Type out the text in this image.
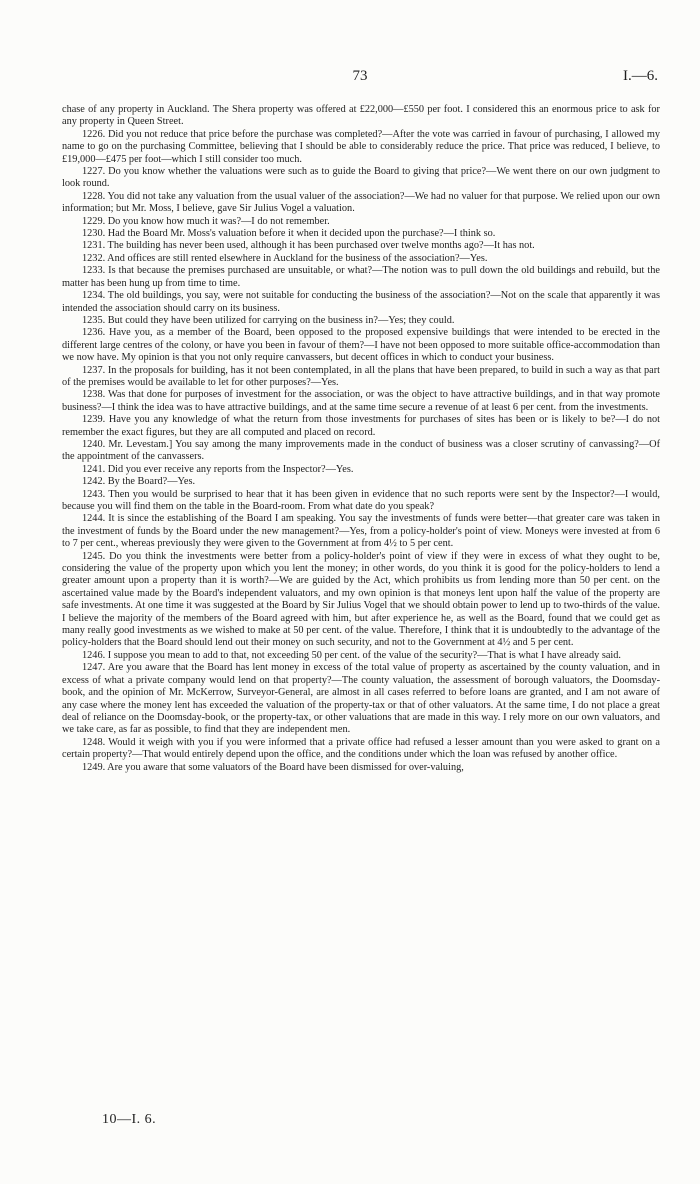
73	I.—6.

chase of any property in Auckland. The Shera property was offered at £22,000—£550 per foot. I considered this an enormous price to ask for any property in Queen Street.

1226. Did you not reduce that price before the purchase was completed?—After the vote was carried in favour of purchasing, I allowed my name to go on the purchasing Committee, believing that I should be able to considerably reduce the price. That price was reduced, I believe, to £19,000—£475 per foot—which I still consider too much.

1227. Do you know whether the valuations were such as to guide the Board to giving that price?—We went there on our own judgment to look round.

1228. You did not take any valuation from the usual valuer of the association?—We had no valuer for that purpose. We relied upon our own information; but Mr. Moss, I believe, gave Sir Julius Vogel a valuation.

1229. Do you know how much it was?—I do not remember.

1230. Had the Board Mr. Moss's valuation before it when it decided upon the purchase?—I think so.

1231. The building has never been used, although it has been purchased over twelve months ago?—It has not.

1232. And offices are still rented elsewhere in Auckland for the business of the association?—Yes.

1233. Is that because the premises purchased are unsuitable, or what?—The notion was to pull down the old buildings and rebuild, but the matter has been hung up from time to time.

1234. The old buildings, you say, were not suitable for conducting the business of the association?—Not on the scale that apparently it was intended the association should carry on its business.

1235. But could they have been utilized for carrying on the business in?—Yes; they could.

1236. Have you, as a member of the Board, been opposed to the proposed expensive buildings that were intended to be erected in the different large centres of the colony, or have you been in favour of them?—I have not been opposed to more suitable office-accommodation than we now have. My opinion is that you not only require canvassers, but decent offices in which to conduct your business.

1237. In the proposals for building, has it not been contemplated, in all the plans that have been prepared, to build in such a way as that part of the premises would be available to let for other purposes?—Yes.

1238. Was that done for purposes of investment for the association, or was the object to have attractive buildings, and in that way promote business?—I think the idea was to have attractive buildings, and at the same time secure a revenue of at least 6 per cent. from the investments.

1239. Have you any knowledge of what the return from those investments for purchases of sites has been or is likely to be?—I do not remember the exact figures, but they are all computed and placed on record.

1240. Mr. Levestam.] You say among the many improvements made in the conduct of business was a closer scrutiny of canvassing?—Of the appointment of the canvassers.

1241. Did you ever receive any reports from the Inspector?—Yes.

1242. By the Board?—Yes.

1243. Then you would be surprised to hear that it has been given in evidence that no such reports were sent by the Inspector?—I would, because you will find them on the table in the Board-room. From what date do you speak?

1244. It is since the establishing of the Board I am speaking. You say the investments of funds were better—that greater care was taken in the investment of funds by the Board under the new management?—Yes, from a policy-holder's point of view. Moneys were invested at from 6 to 7 per cent., whereas previously they were given to the Government at from 4½ to 5 per cent.

1245. Do you think the investments were better from a policy-holder's point of view if they were in excess of what they ought to be, considering the value of the property upon which you lent the money; in other words, do you think it is good for the policy-holders to lend a greater amount upon a property than it is worth?—We are guided by the Act, which prohibits us from lending more than 50 per cent. on the ascertained value made by the Board's independent valuators, and my own opinion is that moneys lent upon half the value of the property are safe investments. At one time it was suggested at the Board by Sir Julius Vogel that we should obtain power to lend up to two-thirds of the value. I believe the majority of the members of the Board agreed with him, but after experience he, as well as the Board, found that we could get as many really good investments as we wished to make at 50 per cent. of the value. Therefore, I think that it is undoubtedly to the advantage of the policy-holders that the Board should lend out their money on such security, and not to the Government at 4½ and 5 per cent.

1246. I suppose you mean to add to that, not exceeding 50 per cent. of the value of the security?—That is what I have already said.

1247. Are you aware that the Board has lent money in excess of the total value of property as ascertained by the county valuation, and in excess of what a private company would lend on that property?—The county valuation, the assessment of borough valuators, the Doomsday-book, and the opinion of Mr. McKerrow, Surveyor-General, are almost in all cases referred to before loans are granted, and I am not aware of any case where the money lent has exceeded the valuation of the property-tax or that of other valuators. At the same time, I do not place a great deal of reliance on the Doomsday-book, or the property-tax, or other valuations that are made in this way. I rely more on our own valuators, and we take care, as far as possible, to find that they are independent men.

1248. Would it weigh with you if you were informed that a private office had refused a lesser amount than you were asked to grant on a certain property?—That would entirely depend upon the office, and the conditions under which the loan was refused by another office.

1249. Are you aware that some valuators of the Board have been dismissed for over-valuing,

10—I. 6.
